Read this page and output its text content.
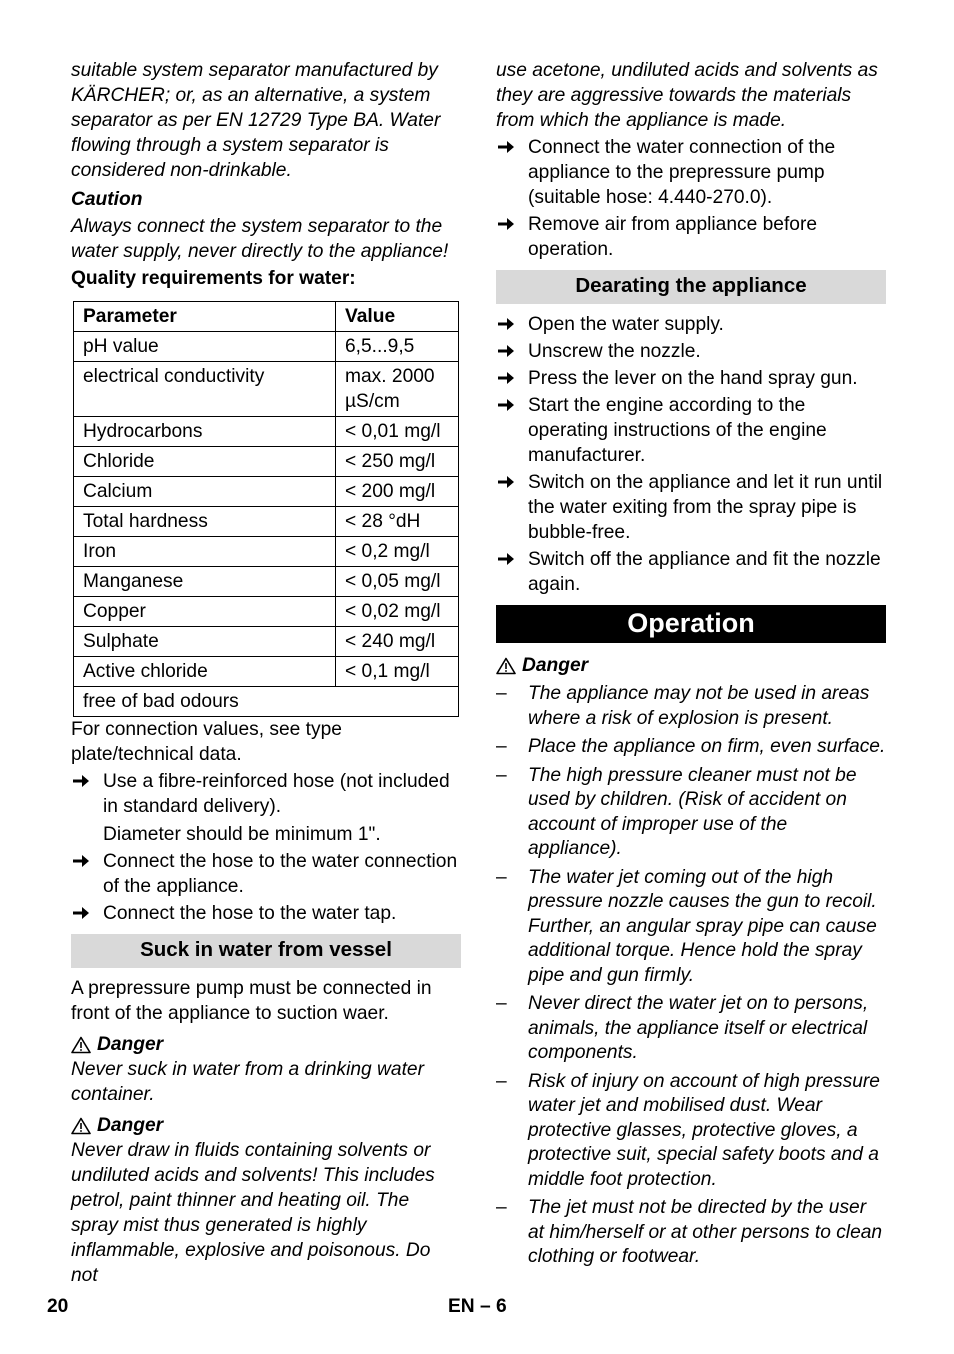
suitable system separator manufactured by KÄRCHER; or, as an alternative, a system separator as per EN 12729 Type BA. Water flowing through a system separator is considered non-drinkable.

Caution

Always connect the system separator to the water supply, never directly to the appliance!

Quality requirements for water:

Parameter	Value
pH value	6,5...9,5
electrical conductivity	max. 2000 µS/cm
Hydrocarbons	< 0,01 mg/l
Chloride	< 250 mg/l
Calcium	< 200 mg/l
Total hardness	< 28 °dH
Iron	< 0,2 mg/l
Manganese	< 0,05 mg/l
Copper	< 0,02 mg/l
Sulphate	< 240 mg/l
Active chloride	< 0,1 mg/l
free of bad odours	

For connection values, see type plate/technical data.

Use a fibre-reinforced hose (not included in standard delivery).
Diameter should be minimum 1".
Connect the hose to the water connection of the appliance.
Connect the hose to the water tap.
Suck in water from vessel

A prepressure pump must be connected in front of the appliance to suction waer.

Danger

Never suck in water from a drinking water container.

Danger

Never draw in fluids containing solvents or undiluted acids and solvents! This includes petrol, paint thinner and heating oil. The spray mist thus generated is highly inflammable, explosive and poisonous. Do not

use acetone, undiluted acids and solvents as they are aggressive towards the materials from which the appliance is made.

Connect the water connection of the appliance to the prepressure pump (suitable hose: 4.440-270.0).
Remove air from appliance before operation.
Dearating the appliance
Open the water supply.
Unscrew the nozzle.
Press the lever on the hand spray gun.
Start the engine according to the operating instructions of the engine manufacturer.
Switch on the appliance and let it run until the water exiting from the spray pipe is bubble-free.
Switch off the appliance and fit the nozzle again.
Operation
Danger
– The appliance may not be used in areas where a risk of explosion is present.
– Place the appliance on firm, even surface.
– The high pressure cleaner must not be used by children. (Risk of accident on account of improper use of the appliance).
– The water jet coming out of the high pressure nozzle causes the gun to recoil. Further, an angular spray pipe can cause additional torque. Hence hold the spray pipe and gun firmly.
– Never direct the water jet on to persons, animals, the appliance itself or electrical components.
– Risk of injury on account of high pressure water jet and mobilised dust. Wear protective glasses, protective gloves, a protective suit, special safety boots and a middle foot protection.
– The jet must not be directed by the user at him/herself or at other persons to clean clothing or footwear.
20	EN – 6
